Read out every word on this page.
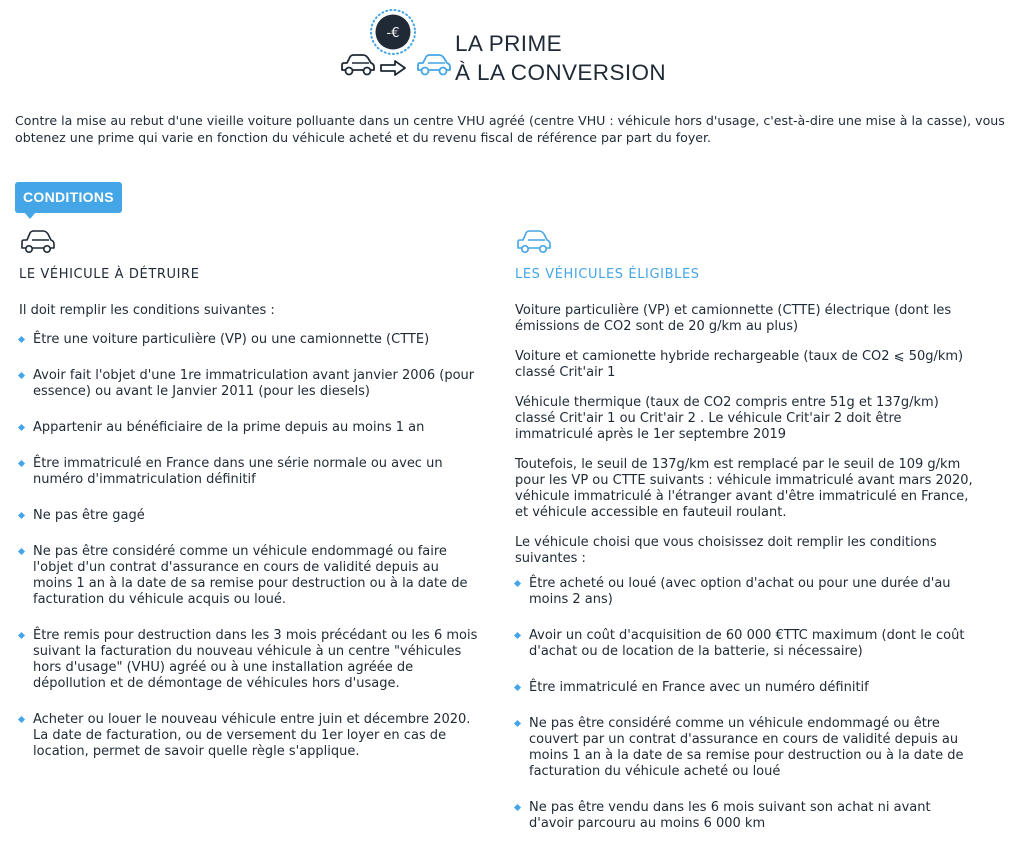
-€ LA PRIME
À LA CONVERSION

Contre la mise au rebut d'une vieille voiture polluante dans un centre VHU agréé (centre VHU : véhicule hors d'usage, c'est-à-dire une mise à la casse), vous obtenez une prime qui varie en fonction du véhicule acheté et du revenu fiscal de référence par part du foyer.

CONDITIONS
LE VÉHICULE À DÉTRUIRE

Il doit remplir les conditions suivantes :

Être une voiture particulière (VP) ou une camionnette (CTTE)
Avoir fait l'objet d'une 1re immatriculation avant janvier 2006 (pour essence) ou avant le Janvier 2011 (pour les diesels)
Appartenir au bénéficiaire de la prime depuis au moins 1 an
Être immatriculé en France dans une série normale ou avec un numéro d'immatriculation définitif
Ne pas être gagé
Ne pas être considéré comme un véhicule endommagé ou faire l'objet d'un contrat d'assurance en cours de validité depuis au moins 1 an à la date de sa remise pour destruction ou à la date de facturation du véhicule acquis ou loué.
Être remis pour destruction dans les 3 mois précédant ou les 6 mois suivant la facturation du nouveau véhicule à un centre "véhicules hors d'usage" (VHU) agréé ou à une installation agréée de dépollution et de démontage de véhicules hors d'usage.
Acheter ou louer le nouveau véhicule entre juin et décembre 2020. La date de facturation, ou de versement du 1er loyer en cas de location, permet de savoir quelle règle s'applique.
LES VÉHICULES ÉLIGIBLES

Voiture particulière (VP) et camionnette (CTTE) électrique (dont les émissions de CO2 sont de 20 g/km au plus)

Voiture et camionette hybride rechargeable (taux de CO2 ⩽ 50g/km) classé Crit'air 1

Véhicule thermique (taux de CO2 compris entre 51g et 137g/km) classé Crit'air 1 ou Crit'air 2 . Le véhicule Crit'air 2 doit être immatriculé après le 1er septembre 2019

Toutefois, le seuil de 137g/km est remplacé par le seuil de 109 g/km pour les VP ou CTTE suivants : véhicule immatriculé avant mars 2020, véhicule immatriculé à l'étranger avant d'être immatriculé en France, et véhicule accessible en fauteuil roulant.

Le véhicule choisi que vous choisissez doit remplir les conditions suivantes :

Être acheté ou loué (avec option d'achat ou pour une durée d'au moins 2 ans)
Avoir un coût d'acquisition de 60 000 €TTC maximum (dont le coût d'achat ou de location de la batterie, si nécessaire)
Être immatriculé en France avec un numéro définitif
Ne pas être considéré comme un véhicule endommagé ou être couvert par un contrat d'assurance en cours de validité depuis au moins 1 an à la date de sa remise pour destruction ou à la date de facturation du véhicule acheté ou loué
Ne pas être vendu dans les 6 mois suivant son achat ni avant d'avoir parcouru au moins 6 000 km
